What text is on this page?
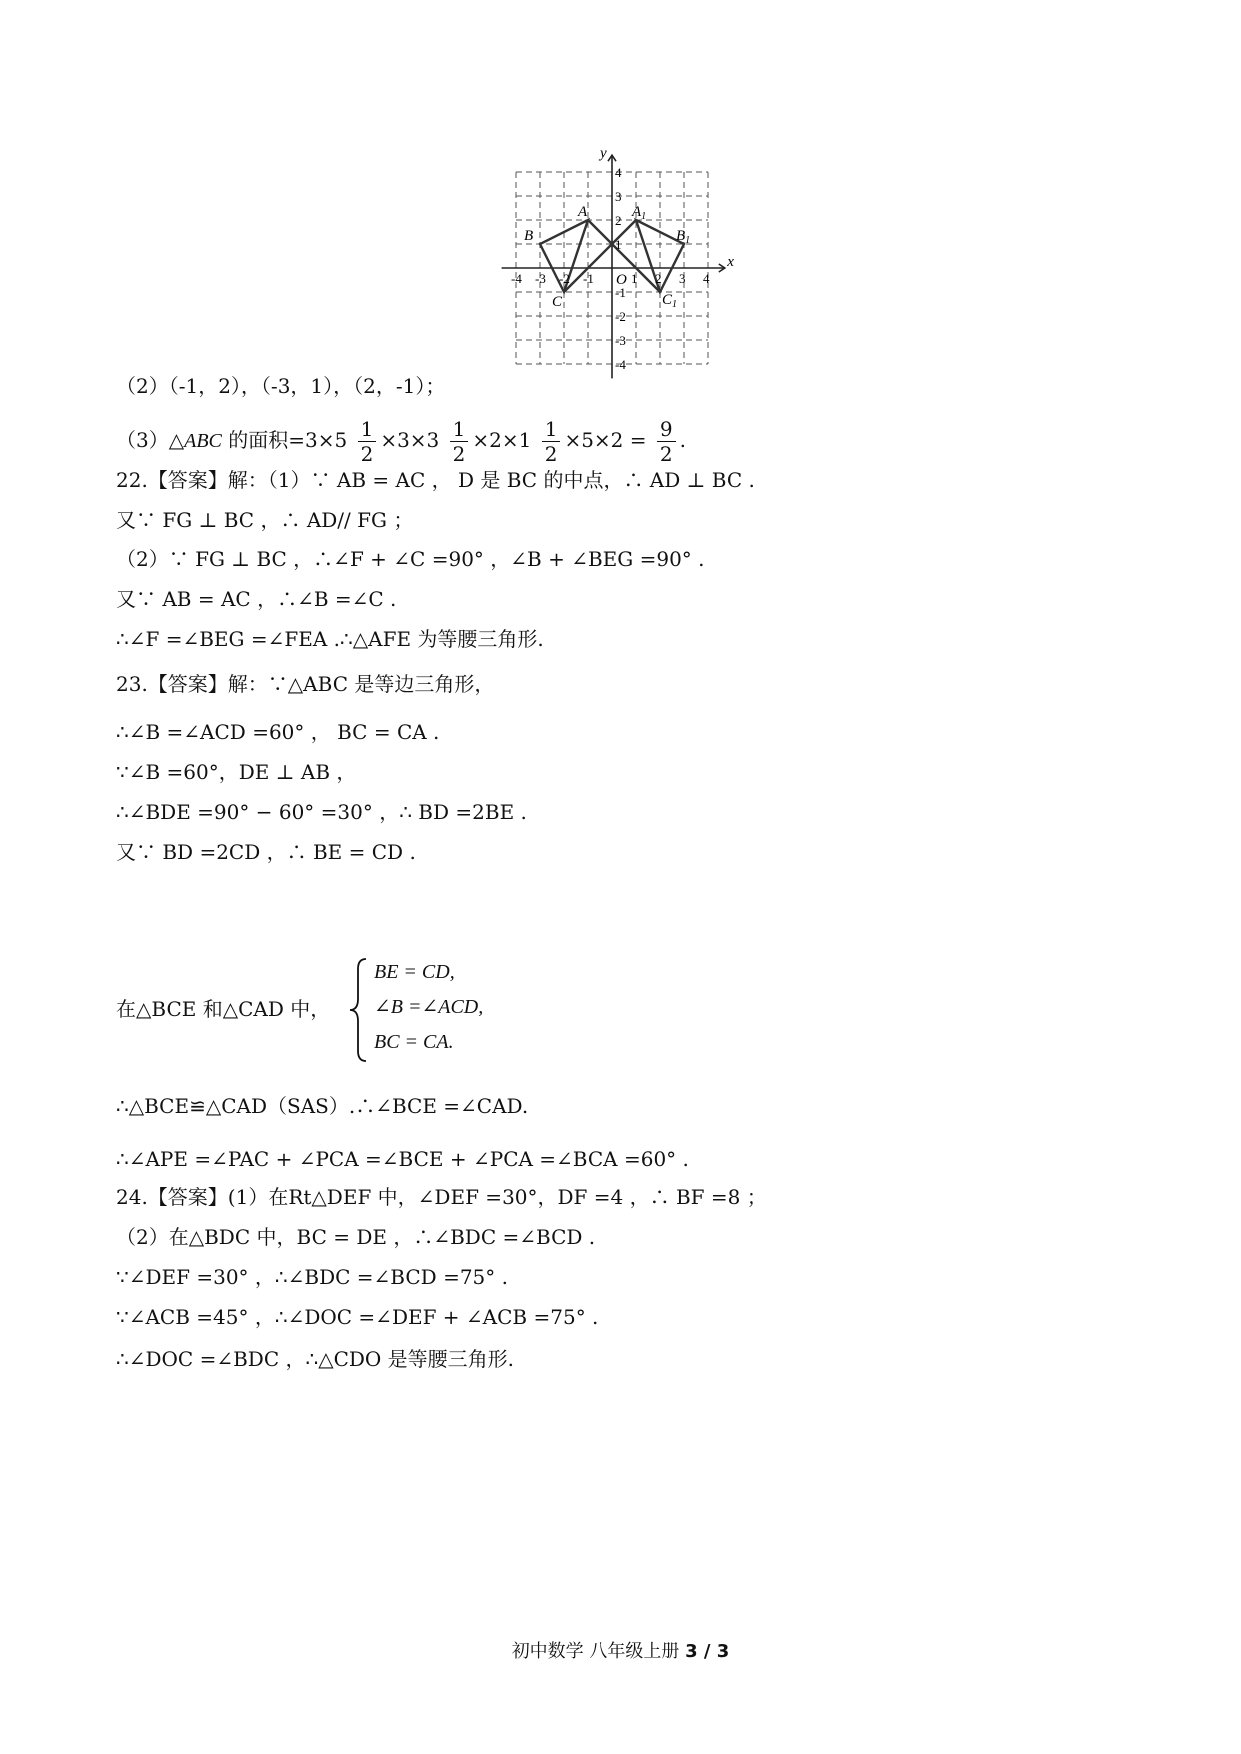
-4 -3 -2 -1	1 2 3 4
4
3
2
1
-1
-2
-3
-4
x
y
O
A	$A_1$
B	$B_1$
C	$C_1$
（2）（-1，2），（-3，1），（2，-1）；
（3）△ABC 的面积$=3\times 5 \frac{1}{2} \times 3\times 3 \frac{1}{2} \times 2\times 1 \frac{1}{2} \times 5\times 2 = \frac{9}{2}$ .
22.【答案】解：（1）∵ AB = AC ， D 是 BC 的中点，∴ AD ⊥ BC .
又∵ FG ⊥ BC ，∴ AD// FG ；
（2）∵ FG ⊥ BC ，∴∠F + ∠C =90° ，∠B + ∠BEG =90° .
又∵ AB = AC ，∴∠B =∠C .
∴∠F =∠BEG =∠FEA .∴△AFE 为等腰三角形.
23.【答案】解：∵△ABC 是等边三角形，
∴∠B =∠ACD =60° ， BC = CA .
∵∠B =60°，DE ⊥ AB ，
∴∠BDE =90° − 60° =30° ，∴ BD =2BE .
又∵ BD =2CD ，∴ BE = CD .
在△BCE 和△CAD 中，
BE = CD,
∠B =∠ACD,
BC = CA.
∴△BCE≌△CAD（SAS）.∴∠BCE =∠CAD.
∴∠APE =∠PAC + ∠PCA =∠BCE + ∠PCA =∠BCA =60° .
24.【答案】(1）在Rt△DEF 中，∠DEF =30°，DF =4 ，∴ BF =8 ；
（2）在△BDC 中，BC = DE ，∴∠BDC =∠BCD .
∵∠DEF =30° ，∴∠BDC =∠BCD =75° .
∵∠ACB =45° ，∴∠DOC =∠DEF + ∠ACB =75° .
∴∠DOC =∠BDC ，∴△CDO 是等腰三角形.
初中数学 八年级上册 3 / 3
